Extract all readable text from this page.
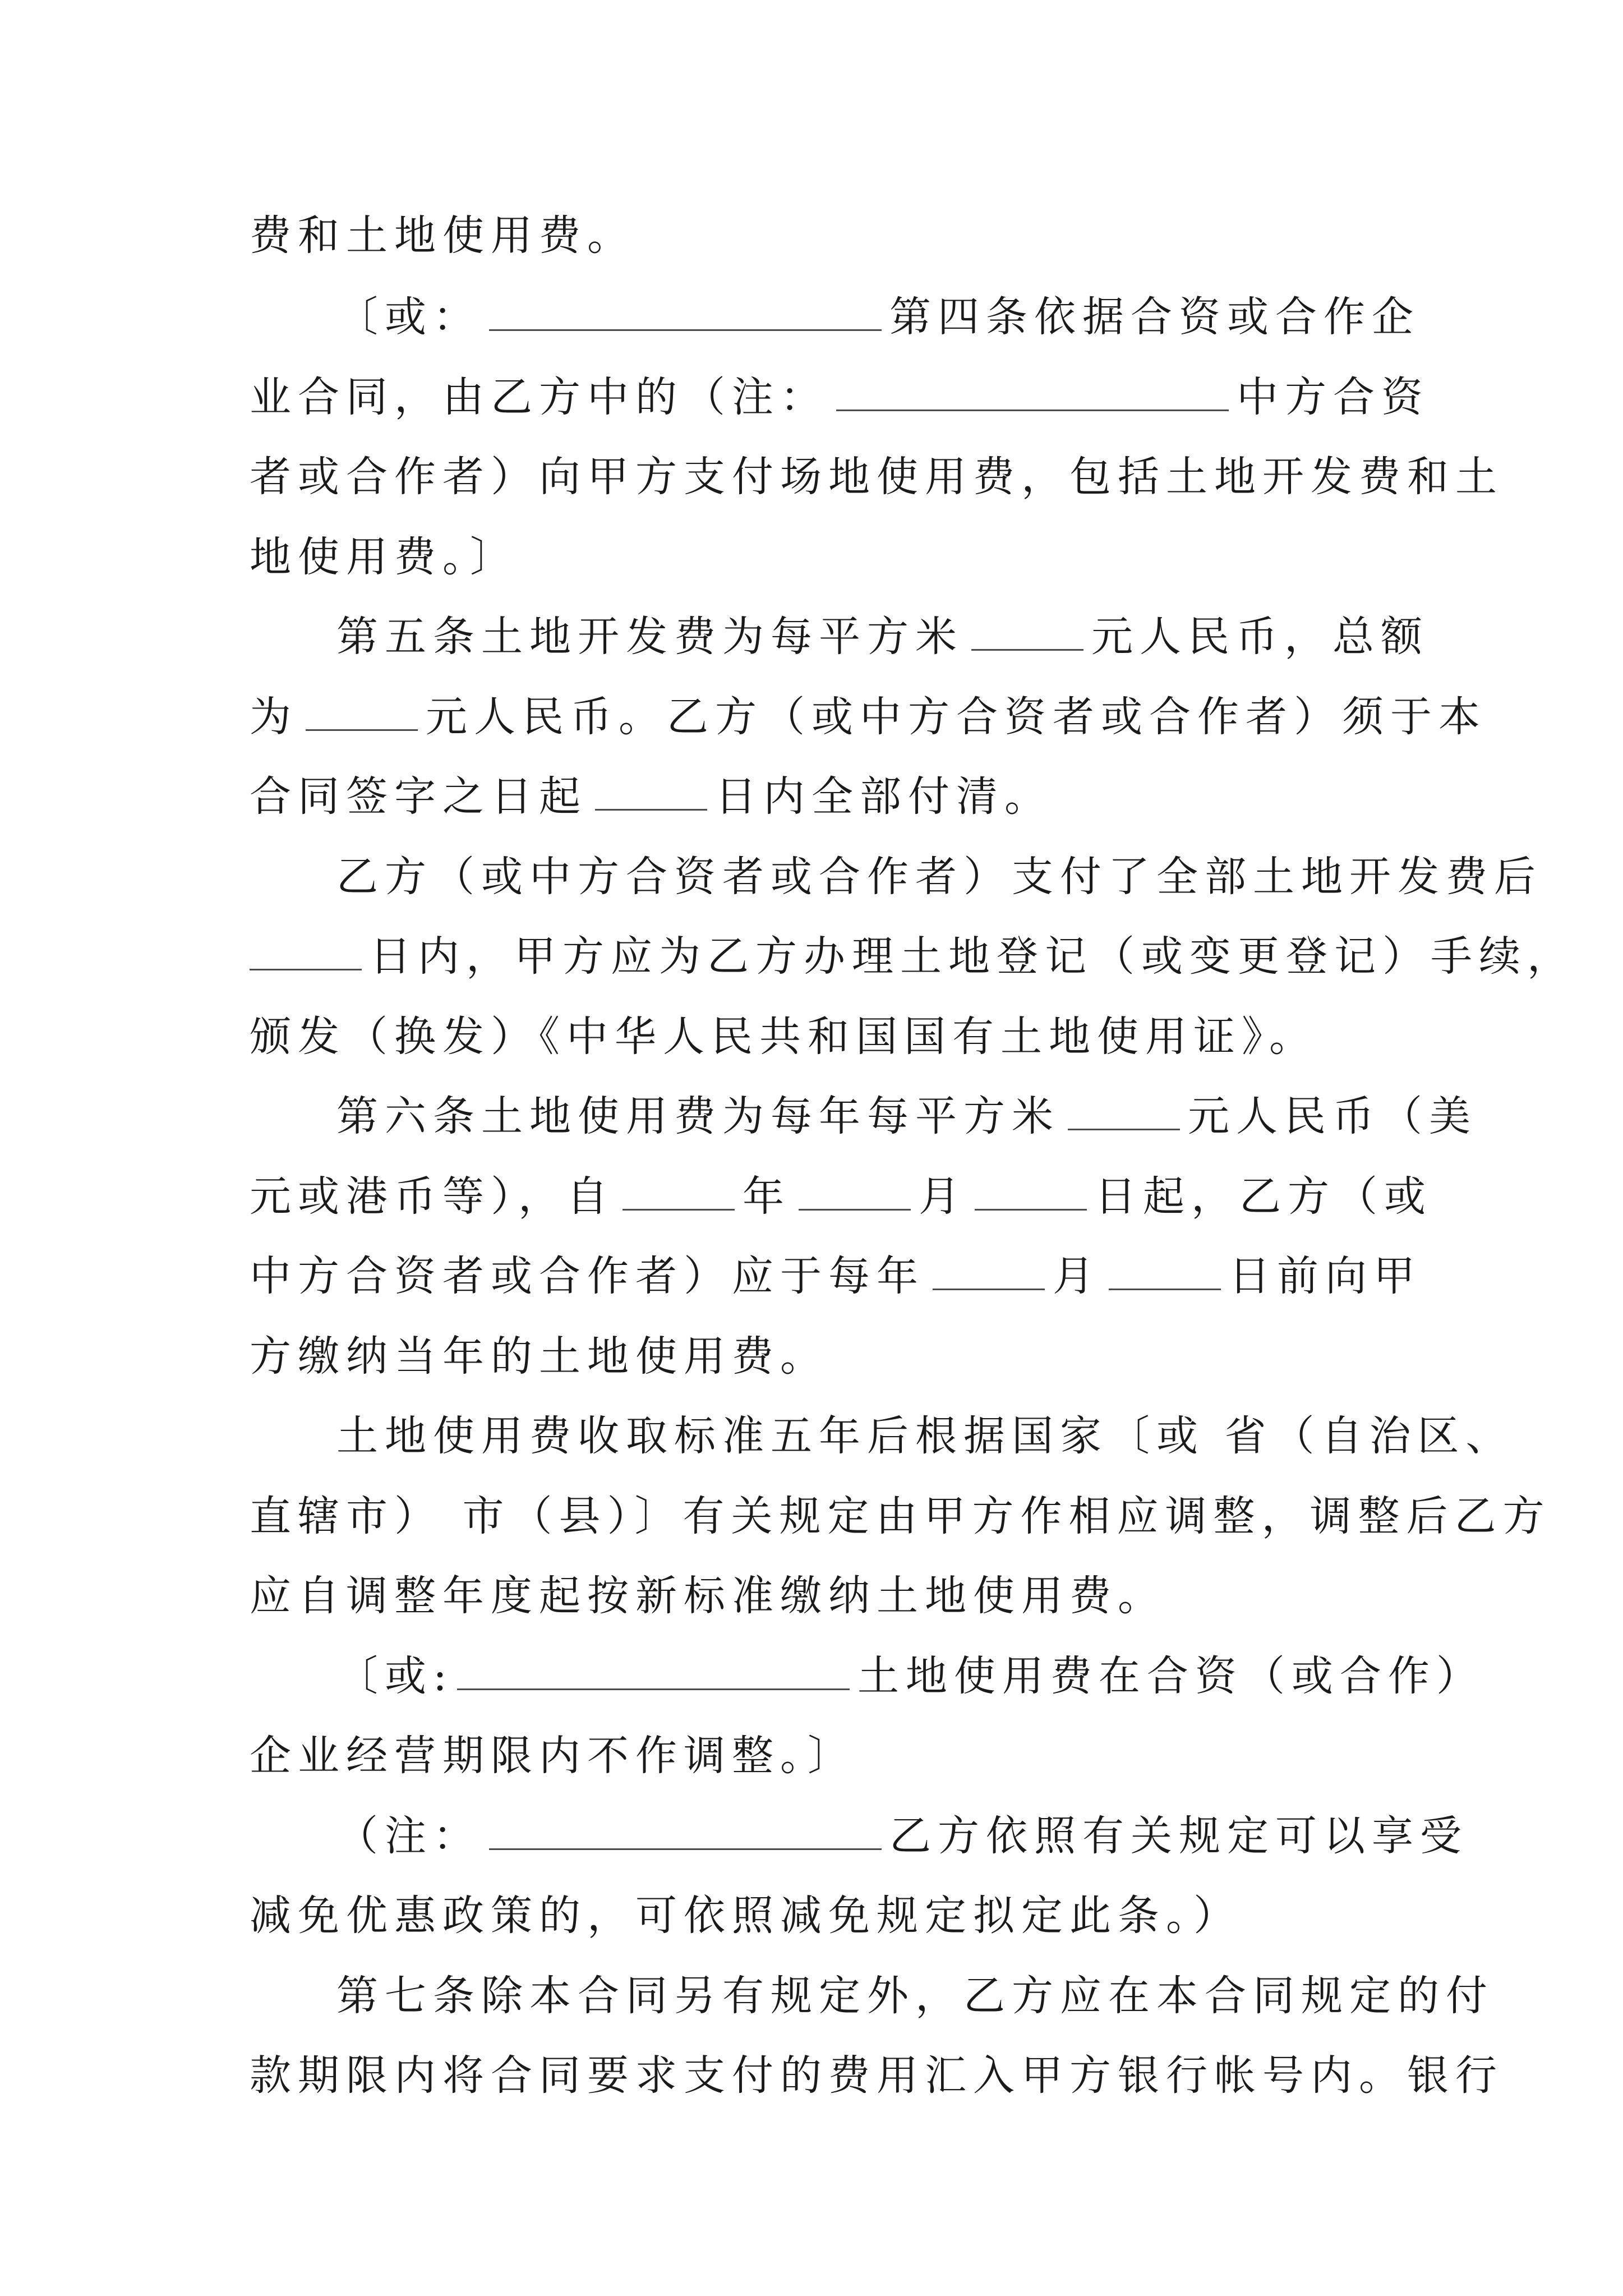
费和土地使用费。
〔或：	第四条依据合资或合作企
业合同，由乙方中的（注：	中方合资
者或合作者）向甲方支付场地使用费，包括土地开发费和土
地使用费。〕
第五条土地开发费为每平方米	元人民币，总额
为	元人民币。乙方（或中方合资者或合作者）须于本
合同签字之日起	日内全部付清。
乙方（或中方合资者或合作者）支付了全部土地开发费后
日内，甲方应为乙方办理土地登记（或变更登记）手续，
颁发（换发）《中华人民共和国国有土地使用证》。
第六条土地使用费为每年每平方米	元人民币（美
元或港币等），自	年	月	日起，乙方（或
中方合资者或合作者）应于每年	月	日前向甲
方缴纳当年的土地使用费。
土地使用费收取标准五年后根据国家〔或 省（自治区、
直辖市） 市（县）〕有关规定由甲方作相应调整，调整后乙方
应自调整年度起按新标准缴纳土地使用费。
〔或:	土地使用费在合资（或合作）
企业经营期限内不作调整。〕
（注：	乙方依照有关规定可以享受
减免优惠政策的，可依照减免规定拟定此条。）
第七条除本合同另有规定外，乙方应在本合同规定的付
款期限内将合同要求支付的费用汇入甲方银行帐号内。银行
